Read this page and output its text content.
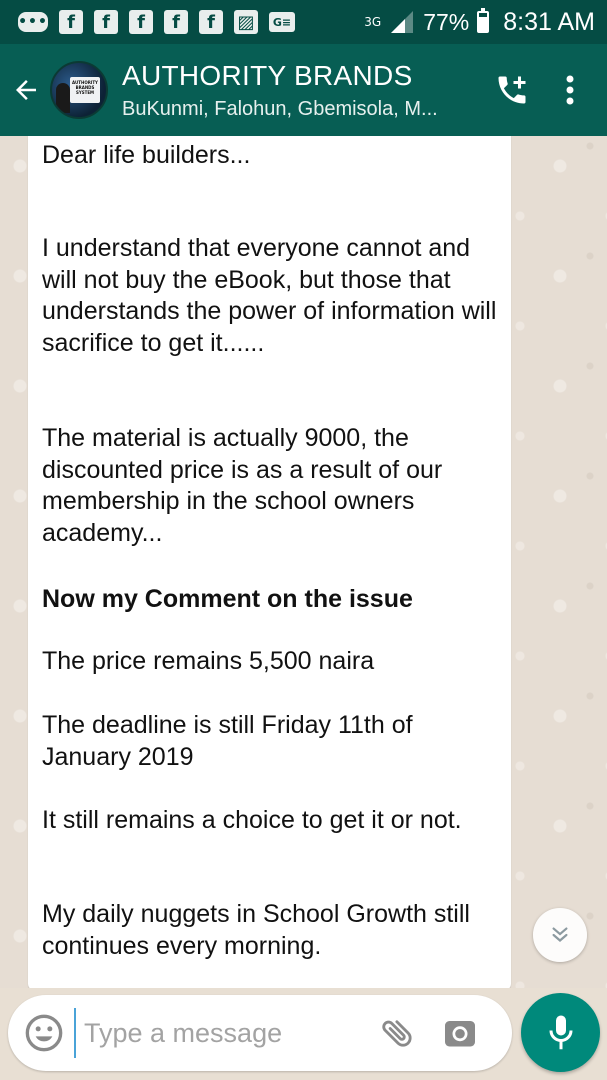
•••	f	f	f	f	f	▨	G≡	3G 77% 8:31 AM
AUTHORITY BRANDS SYSTEM
AUTHORITY BRANDS
BuKunmi, Falohun, Gbemisola, M...
Dear life builders...
I understand that everyone cannot and will not buy the eBook, but those that understands the power of information will sacrifice to get it......
The material is actually 9000, the discounted price is as a result of our membership in the school owners academy...
Now my Comment on the issue
The price remains 5,500 naira
The deadline is still Friday 11th of January 2019
It still remains a choice to get it or not.
My daily nuggets in School Growth still continues every morning.
Type a message
